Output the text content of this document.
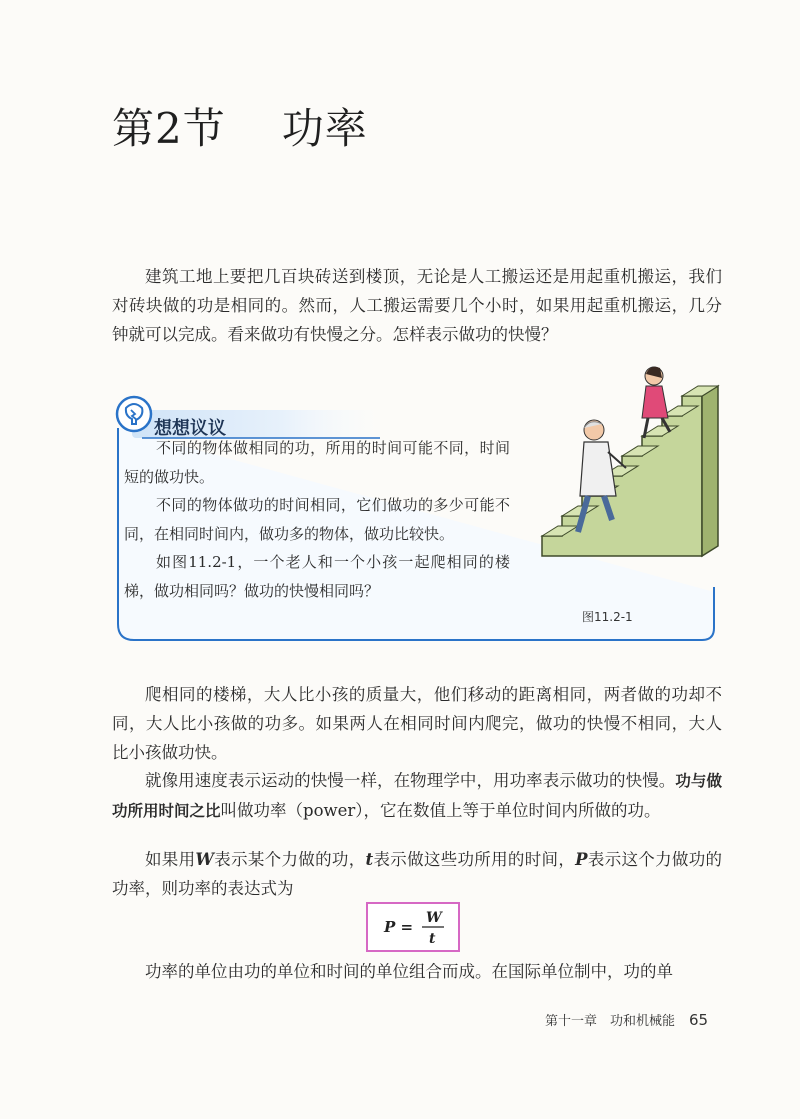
第2节 功率

建筑工地上要把几百块砖送到楼顶，无论是人工搬运还是用起重机搬运，我们对砖块做的功是相同的。然而，人工搬运需要几个小时，如果用起重机搬运，几分钟就可以完成。看来做功有快慢之分。怎样表示做功的快慢？

想想议议

不同的物体做相同的功，所用的时间可能不同，时间短的做功快。

不同的物体做功的时间相同，它们做功的多少可能不同，在相同时间内，做功多的物体，做功比较快。

如图11.2-1，一个老人和一个小孩一起爬相同的楼梯，做功相同吗？做功的快慢相同吗？

图11.2-1

爬相同的楼梯，大人比小孩的质量大，他们移动的距离相同，两者做的功却不同，大人比小孩做的功多。如果两人在相同时间内爬完，做功的快慢不相同，大人比小孩做功快。

就像用速度表示运动的快慢一样，在物理学中，用功率表示做功的快慢。功与做功所用时间之比叫做功率（power），它在数值上等于单位时间内所做的功。

如果用W表示某个力做的功，t表示做这些功所用的时间，P表示这个力做功的功率，则功率的表达式为

P = W
t

功率的单位由功的单位和时间的单位组合而成。在国际单位制中，功的单

第十一章　功和机械能 65
